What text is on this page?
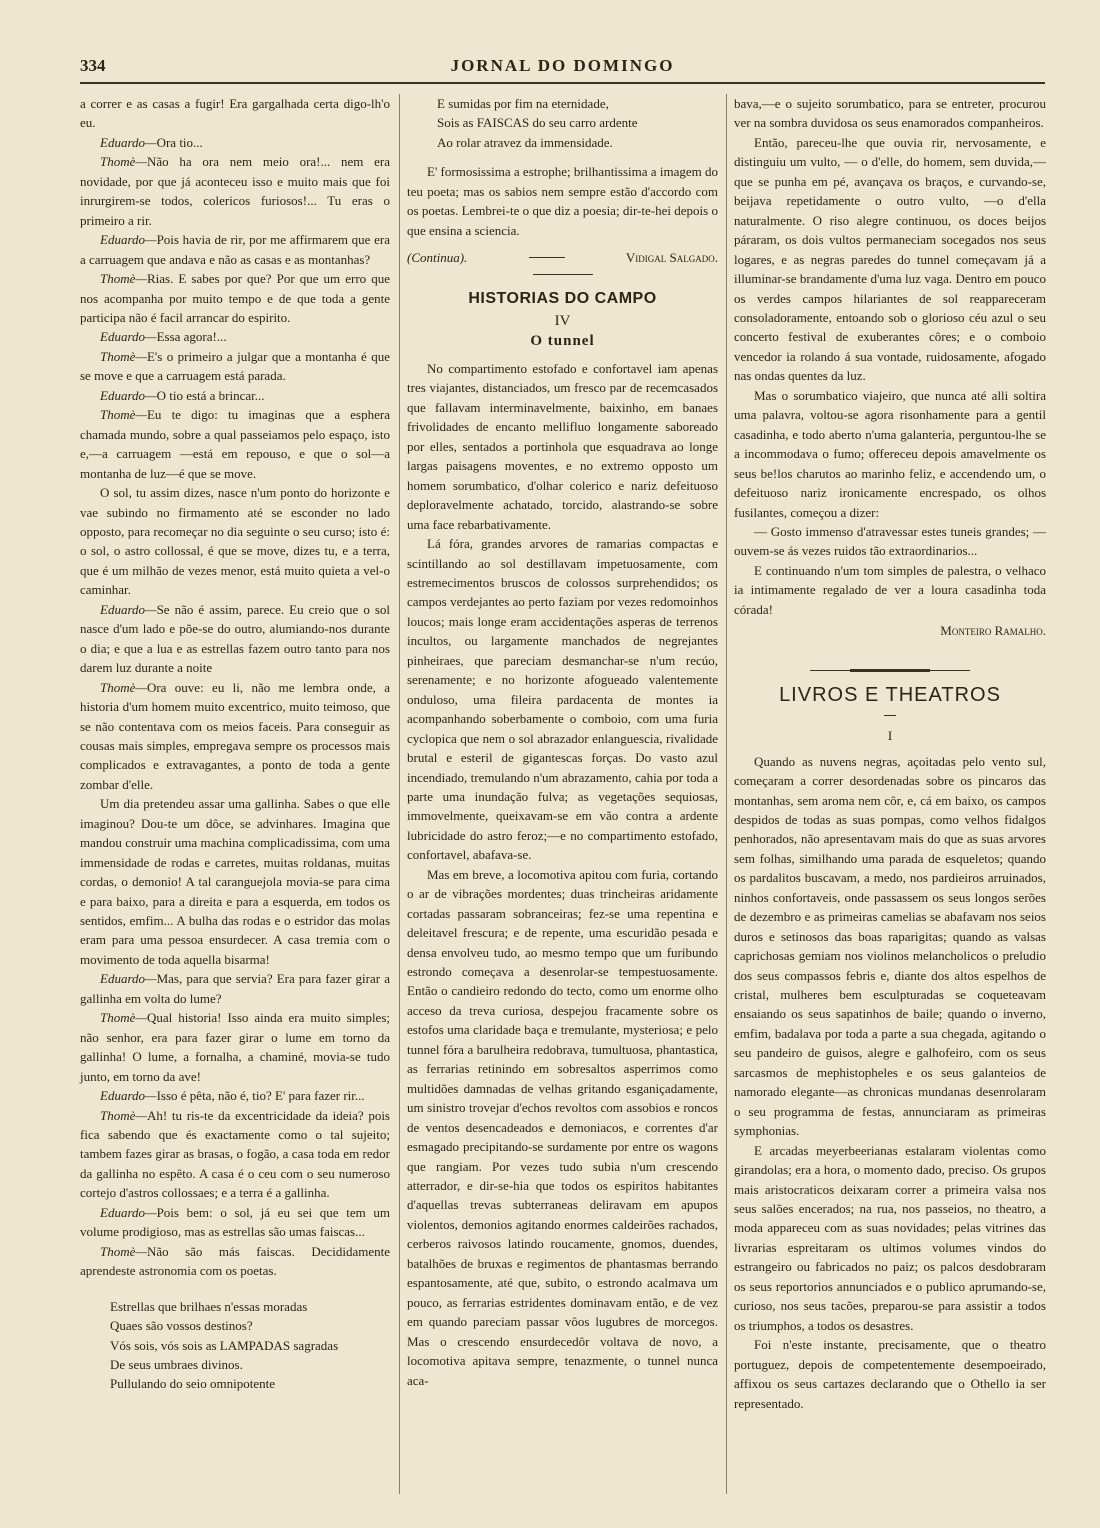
334	JORNAL DO DOMINGO

a correr e as casas a fugir! Era gargalhada certa digo-lh'o eu.

Eduardo—Ora tio...

Thomè—Não ha ora nem meio ora!... nem era novidade, por que já aconteceu isso e muito mais que foi inrurgirem-se todos, colericos furiosos!... Tu eras o primeiro a rir.

Eduardo—Pois havia de rir, por me affirmarem que era a carruagem que andava e não as casas e as montanhas?

Thomè—Rias. E sabes por que? Por que um erro que nos acompanha por muito tempo e de que toda a gente participa não é facil arrancar do espirito.

Eduardo—Essa agora!...

Thomè—E's o primeiro a julgar que a montanha é que se move e que a carruagem está parada.

Eduardo—O tio está a brincar...

Thomè—Eu te digo: tu imaginas que a esphera chamada mundo, sobre a qual passeiamos pelo espaço, isto e,—a carruagem —está em repouso, e que o sol—a montanha de luz—é que se move.

O sol, tu assim dizes, nasce n'um ponto do horizonte e vae subindo no firmamento até se esconder no lado opposto, para recomeçar no dia seguinte o seu curso; isto é: o sol, o astro collossal, é que se move, dizes tu, e a terra, que é um milhão de vezes menor, está muito quieta a vel-o caminhar.

Eduardo—Se não é assim, parece. Eu creio que o sol nasce d'um lado e põe-se do outro, alumiando-nos durante o dia; e que a lua e as estrellas fazem outro tanto para nos darem luz durante a noite

Thomè—Ora ouve: eu li, não me lembra onde, a historia d'um homem muito excentrico, muito teimoso, que se não contentava com os meios faceis. Para conseguir as cousas mais simples, empregava sempre os processos mais complicados e extravagantes, a ponto de toda a gente zombar d'elle.

Um dia pretendeu assar uma gallinha. Sabes o que elle imaginou? Dou-te um dôce, se advinhares. Imagina que mandou construir uma machina complicadissima, com uma immensidade de rodas e carretes, muitas roldanas, muitas cordas, o demonio! A tal caranguejola movia-se para cima e para baixo, para a direita e para a esquerda, em todos os sentidos, emfim... A bulha das rodas e o estridor das molas eram para uma pessoa ensurdecer. A casa tremia com o movimento de toda aquella bisarma!

Eduardo—Mas, para que servia? Era para fazer girar a gallinha em volta do lume?

Thomè—Qual historia! Isso ainda era muito simples; não senhor, era para fazer girar o lume em torno da gallinha! O lume, a fornalha, a chaminé, movia-se tudo junto, em torno da ave!

Eduardo—Isso é pêta, não é, tio? E' para fazer rir...

Thomè—Ah! tu ris-te da excentricidade da ideia? pois fica sabendo que és exactamente como o tal sujeito; tambem fazes girar as brasas, o fogão, a casa toda em redor da gallinha no espêto. A casa é o ceu com o seu numeroso cortejo d'astros collossaes; e a terra é a gallinha.

Eduardo—Pois bem: o sol, já eu sei que tem um volume prodigioso, mas as estrellas são umas faiscas...

Thomè—Não são más faiscas. Decididamente aprendeste astronomia com os poetas.

Estrellas que brilhaes n'essas moradas
Quaes são vossos destinos?
Vós sois, vós sois as LAMPADAS sagradas
De seus umbraes divinos.
Pullulando do seio omnipotente
E sumidas por fim na eternidade,
Sois as FAISCAS do seu carro ardente
Ao rolar atravez da immensidade.

E' formosissima a estrophe; brilhantissima a imagem do teu poeta; mas os sabios nem sempre estão d'accordo com os poetas. Lembrei-te o que diz a poesia; dir-te-hei depois o que ensina a sciencia.

(Continua).	Vidigal Salgado.
HISTORIAS DO CAMPO
IV
O tunnel

No compartimento estofado e confortavel iam apenas tres viajantes, distanciados, um fresco par de recemcasados que fallavam interminavelmente, baixinho, em banaes frivolidades de encanto mellifluo longamente saboreado por elles, sentados a portinhola que esquadrava ao longe largas paisagens moventes, e no extremo opposto um homem sorumbatico, d'olhar colerico e nariz defeituoso deploravelmente achatado, torcido, alastrando-se sobre uma face rebarbativamente.

Lá fóra, grandes arvores de ramarias compactas e scintillando ao sol destillavam impetuosamente, com estremecimentos bruscos de colossos surprehendidos; os campos verdejantes ao perto faziam por vezes redomoinhos loucos; mais longe eram accidentações asperas de terrenos incultos, ou largamente manchados de negrejantes pinheiraes, que pareciam desmanchar-se n'um recúo, serenamente; e no horizonte afogueado valentemente onduloso, uma fileira pardacenta de montes ia acompanhando soberbamente o comboio, com uma furia cyclopica que nem o sol abrazador enlanguescia, rivalidade brutal e esteril de gigantescas forças. Do vasto azul incendiado, tremulando n'um abrazamento, cahia por toda a parte uma inundação fulva; as vegetações sequiosas, immovelmente, queixavam-se em vão contra a ardente lubricidade do astro feroz;—e no compartimento estofado, confortavel, abafava-se.

Mas em breve, a locomotiva apitou com furia, cortando o ar de vibrações mordentes; duas trincheiras aridamente cortadas passaram sobranceiras; fez-se uma repentina e deleitavel frescura; e de repente, uma escuridão pesada e densa envolveu tudo, ao mesmo tempo que um furibundo estrondo começava a desenrolar-se tempestuosamente. Então o candieiro redondo do tecto, como um enorme olho acceso da treva curiosa, despejou fracamente sobre os estofos uma claridade baça e tremulante, mysteriosa; e pelo tunnel fóra a barulheira redobrava, tumultuosa, phantastica, as ferrarias retinindo em sobresaltos asperrimos como multidões damnadas de velhas gritando esganiçadamente, um sinistro trovejar d'echos revoltos com assobios e roncos de ventos desencadeados e demoniacos, e correntes d'ar esmagado precipitando-se surdamente por entre os wagons que rangiam. Por vezes tudo subia n'um crescendo atterrador, e dir-se-hia que todos os espiritos habitantes d'aquellas trevas subterraneas deliravam em apupos violentos, demonios agitando enormes caldeirões rachados, cerberos raivosos latindo roucamente, gnomos, duendes, batalhões de bruxas e regimentos de phantasmas berrando espantosamente, até que, subito, o estrondo acalmava um pouco, as ferrarias estridentes dominavam então, e de vez em quando pareciam passar vôos lugubres de morcegos. Mas o crescendo ensurdecedôr voltava de novo, a locomotiva apitava sempre, tenazmente, o tunnel nunca aca-

bava,—e o sujeito sorumbatico, para se entreter, procurou ver na sombra duvidosa os seus enamorados companheiros.

Então, pareceu-lhe que ouvia rir, nervosamente, e distinguiu um vulto, — o d'elle, do homem, sem duvida,—que se punha em pé, avançava os braços, e curvando-se, beijava repetidamente o outro vulto, —o d'ella naturalmente. O riso alegre continuou, os doces beijos páraram, os dois vultos permaneciam socegados nos seus logares, e as negras paredes do tunnel começavam já a illuminar-se brandamente d'uma luz vaga. Dentro em pouco os verdes campos hilariantes de sol reappareceram consoladoramente, entoando sob o glorioso céu azul o seu concerto festival de exuberantes côres; e o comboio vencedor ia rolando á sua vontade, ruidosamente, afogado nas ondas quentes da luz.

Mas o sorumbatico viajeiro, que nunca até alli soltira uma palavra, voltou-se agora risonhamente para a gentil casadinha, e todo aberto n'uma galanteria, perguntou-lhe se a incommodava o fumo; offereceu depois amavelmente os seus be!los charutos ao marinho feliz, e accendendo um, o defeituoso nariz ironicamente encrespado, os olhos fusilantes, começou a dizer:

— Gosto immenso d'atravessar estes tuneis grandes; — ouvem-se ás vezes ruidos tão extraordinarios...

E continuando n'um tom simples de palestra, o velhaco ia intimamente regalado de ver a loura casadinha toda córada!

Monteiro Ramalho.
LIVROS E THEATROS
I

Quando as nuvens negras, açoitadas pelo vento sul, começaram a correr desordenadas sobre os pincaros das montanhas, sem aroma nem côr, e, cá em baixo, os campos despidos de todas as suas pompas, como velhos fidalgos penhorados, não apresentavam mais do que as suas arvores sem folhas, similhando uma parada de esqueletos; quando os pardalitos buscavam, a medo, nos pardieiros arruinados, ninhos confortaveis, onde passassem os seus longos serões de dezembro e as primeiras camelias se abafavam nos seios duros e setinosos das boas raparigitas; quando as valsas caprichosas gemiam nos violinos melancholicos o preludio dos seus compassos febris e, diante dos altos espelhos de cristal, mulheres bem esculpturadas se coqueteavam ensaiando os seus sapatinhos de baile; quando o inverno, emfim, badalava por toda a parte a sua chegada, agitando o seu pandeiro de guisos, alegre e galhofeiro, com os seus sarcasmos de mephistopheles e os seus galanteios de namorado elegante—as chronicas mundanas desenrolaram o seu programma de festas, annunciaram as primeiras symphonias.

E arcadas meyerbeerianas estalaram violentas como girandolas; era a hora, o momento dado, preciso. Os grupos mais aristocraticos deixaram correr a primeira valsa nos seus salões encerados; na rua, nos passeios, no theatro, a moda appareceu com as suas novidades; pelas vitrines das livrarias espreitaram os ultimos volumes vindos do estrangeiro ou fabricados no paiz; os palcos desdobraram os seus reportorios annunciados e o publico aprumando-se, curioso, nos seus tacões, preparou-se para assistir a todos os triumphos, a todos os desastres.

Foi n'este instante, precisamente, que o theatro portuguez, depois de competentemente desempoeirado, affixou os seus cartazes declarando que o Othello ia ser representado.
